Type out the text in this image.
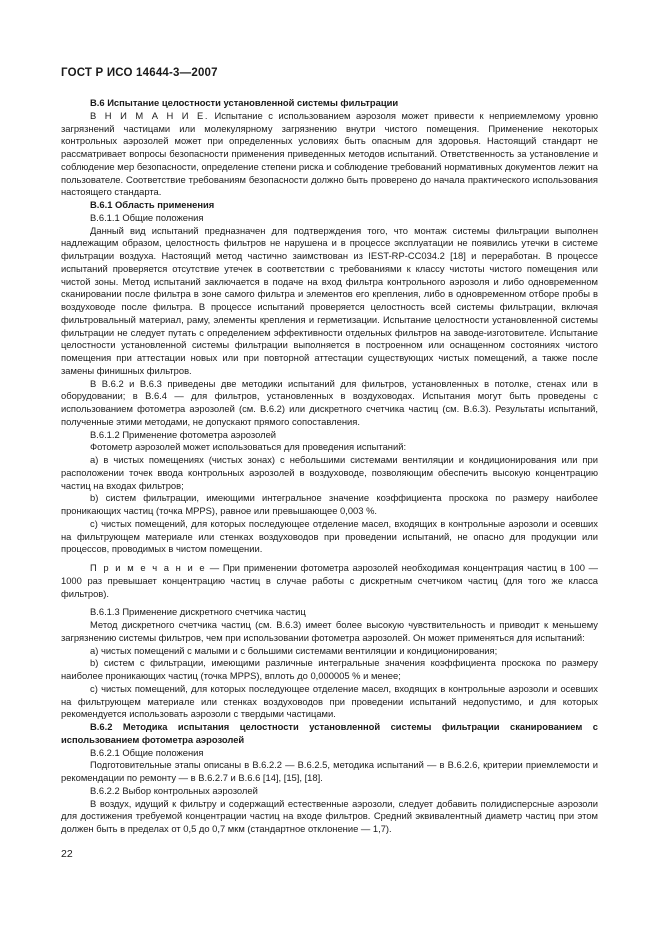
ГОСТ Р ИСО 14644-3—2007

В.6 Испытание целостности установленной системы фильтрации

В Н И М А Н И Е. Испытание с использованием аэрозоля может привести к неприемлемому уровню загрязнений частицами или молекулярному загрязнению внутри чистого помещения. Применение некоторых контрольных аэрозолей может при определенных условиях быть опасным для здоровья. Настоящий стандарт не рассматривает вопросы безопасности применения приведенных методов испытаний. Ответственность за установление и соблюдение мер безопасности, определение степени риска и соблюдение требований нормативных документов лежит на пользователе. Соответствие требованиям безопасности должно быть проверено до начала практического использования настоящего стандарта.

В.6.1 Область применения

В.6.1.1 Общие положения

Данный вид испытаний предназначен для подтверждения того, что монтаж системы фильтрации выполнен надлежащим образом, целостность фильтров не нарушена и в процессе эксплуатации не появились утечки в системе фильтрации воздуха. Настоящий метод частично заимствован из IEST-RP-CC034.2 [18] и переработан. В процессе испытаний проверяется отсутствие утечек в соответствии с требованиями к классу чистоты чистого помещения или чистой зоны. Метод испытаний заключается в подаче на вход фильтра контрольного аэрозоля и либо одновременном сканировании после фильтра в зоне самого фильтра и элементов его крепления, либо в одновременном отборе пробы в воздуховоде после фильтра. В процессе испытаний проверяется целостность всей системы фильтрации, включая фильтровальный материал, раму, элементы крепления и герметизации. Испытание целостности установленной системы фильтрации не следует путать с определением эффективности отдельных фильтров на заводе-изготовителе. Испытание целостности установленной системы фильтрации выполняется в построенном или оснащенном состояниях чистого помещения при аттестации новых или при повторной аттестации существующих чистых помещений, а также после замены финишных фильтров.

В В.6.2 и В.6.3 приведены две методики испытаний для фильтров, установленных в потолке, стенах или в оборудовании; в В.6.4 — для фильтров, установленных в воздуховодах. Испытания могут быть проведены с использованием фотометра аэрозолей (см. В.6.2) или дискретного счетчика частиц (см. В.6.3). Результаты испытаний, полученные этими методами, не допускают прямого сопоставления.

В.6.1.2 Применение фотометра аэрозолей

Фотометр аэрозолей может использоваться для проведения испытаний:

a) в чистых помещениях (чистых зонах) с небольшими системами вентиляции и кондиционирования или при расположении точек ввода контрольных аэрозолей в воздуховоде, позволяющим обеспечить высокую концентрацию частиц на входах фильтров;

b) систем фильтрации, имеющими интегральное значение коэффициента проскока по размеру наиболее проникающих частиц (точка MPPS), равное или превышающее 0,003 %.

c) чистых помещений, для которых последующее отделение масел, входящих в контрольные аэрозоли и осевших на фильтрующем материале или стенках воздуховодов при проведении испытаний, не опасно для продукции или процессов, проводимых в чистом помещении.

П р и м е ч а н и е — При применении фотометра аэрозолей необходимая концентрация частиц в 100 — 1000 раз превышает концентрацию частиц в случае работы с дискретным счетчиком частиц (для того же класса фильтров).

В.6.1.3 Применение дискретного счетчика частиц

Метод дискретного счетчика частиц (см. В.6.3) имеет более высокую чувствительность и приводит к меньшему загрязнению системы фильтров, чем при использовании фотометра аэрозолей. Он может применяться для испытаний:

a) чистых помещений с малыми и с большими системами вентиляции и кондиционирования;

b) систем с фильтрации, имеющими различные интегральные значения коэффициента проскока по размеру наиболее проникающих частиц (точка MPPS), вплоть до 0,000005 % и менее;

c) чистых помещений, для которых последующее отделение масел, входящих в контрольные аэрозоли и осевших на фильтрующем материале или стенках воздуховодов при проведении испытаний недопустимо, и для которых рекомендуется использовать аэрозоли с твердыми частицами.

В.6.2 Методика испытания целостности установленной системы фильтрации сканированием с использованием фотометра аэрозолей

В.6.2.1 Общие положения

Подготовительные этапы описаны в В.6.2.2 — В.6.2.5, методика испытаний — в В.6.2.6, критерии приемлемости и рекомендации по ремонту — в В.6.2.7 и В.6.6 [14], [15], [18].

В.6.2.2 Выбор контрольных аэрозолей

В воздух, идущий к фильтру и содержащий естественные аэрозоли, следует добавить полидисперсные аэрозоли для достижения требуемой концентрации частиц на входе фильтров. Средний эквивалентный диаметр частиц при этом должен быть в пределах от 0,5 до 0,7 мкм (стандартное отклонение — 1,7).

22
